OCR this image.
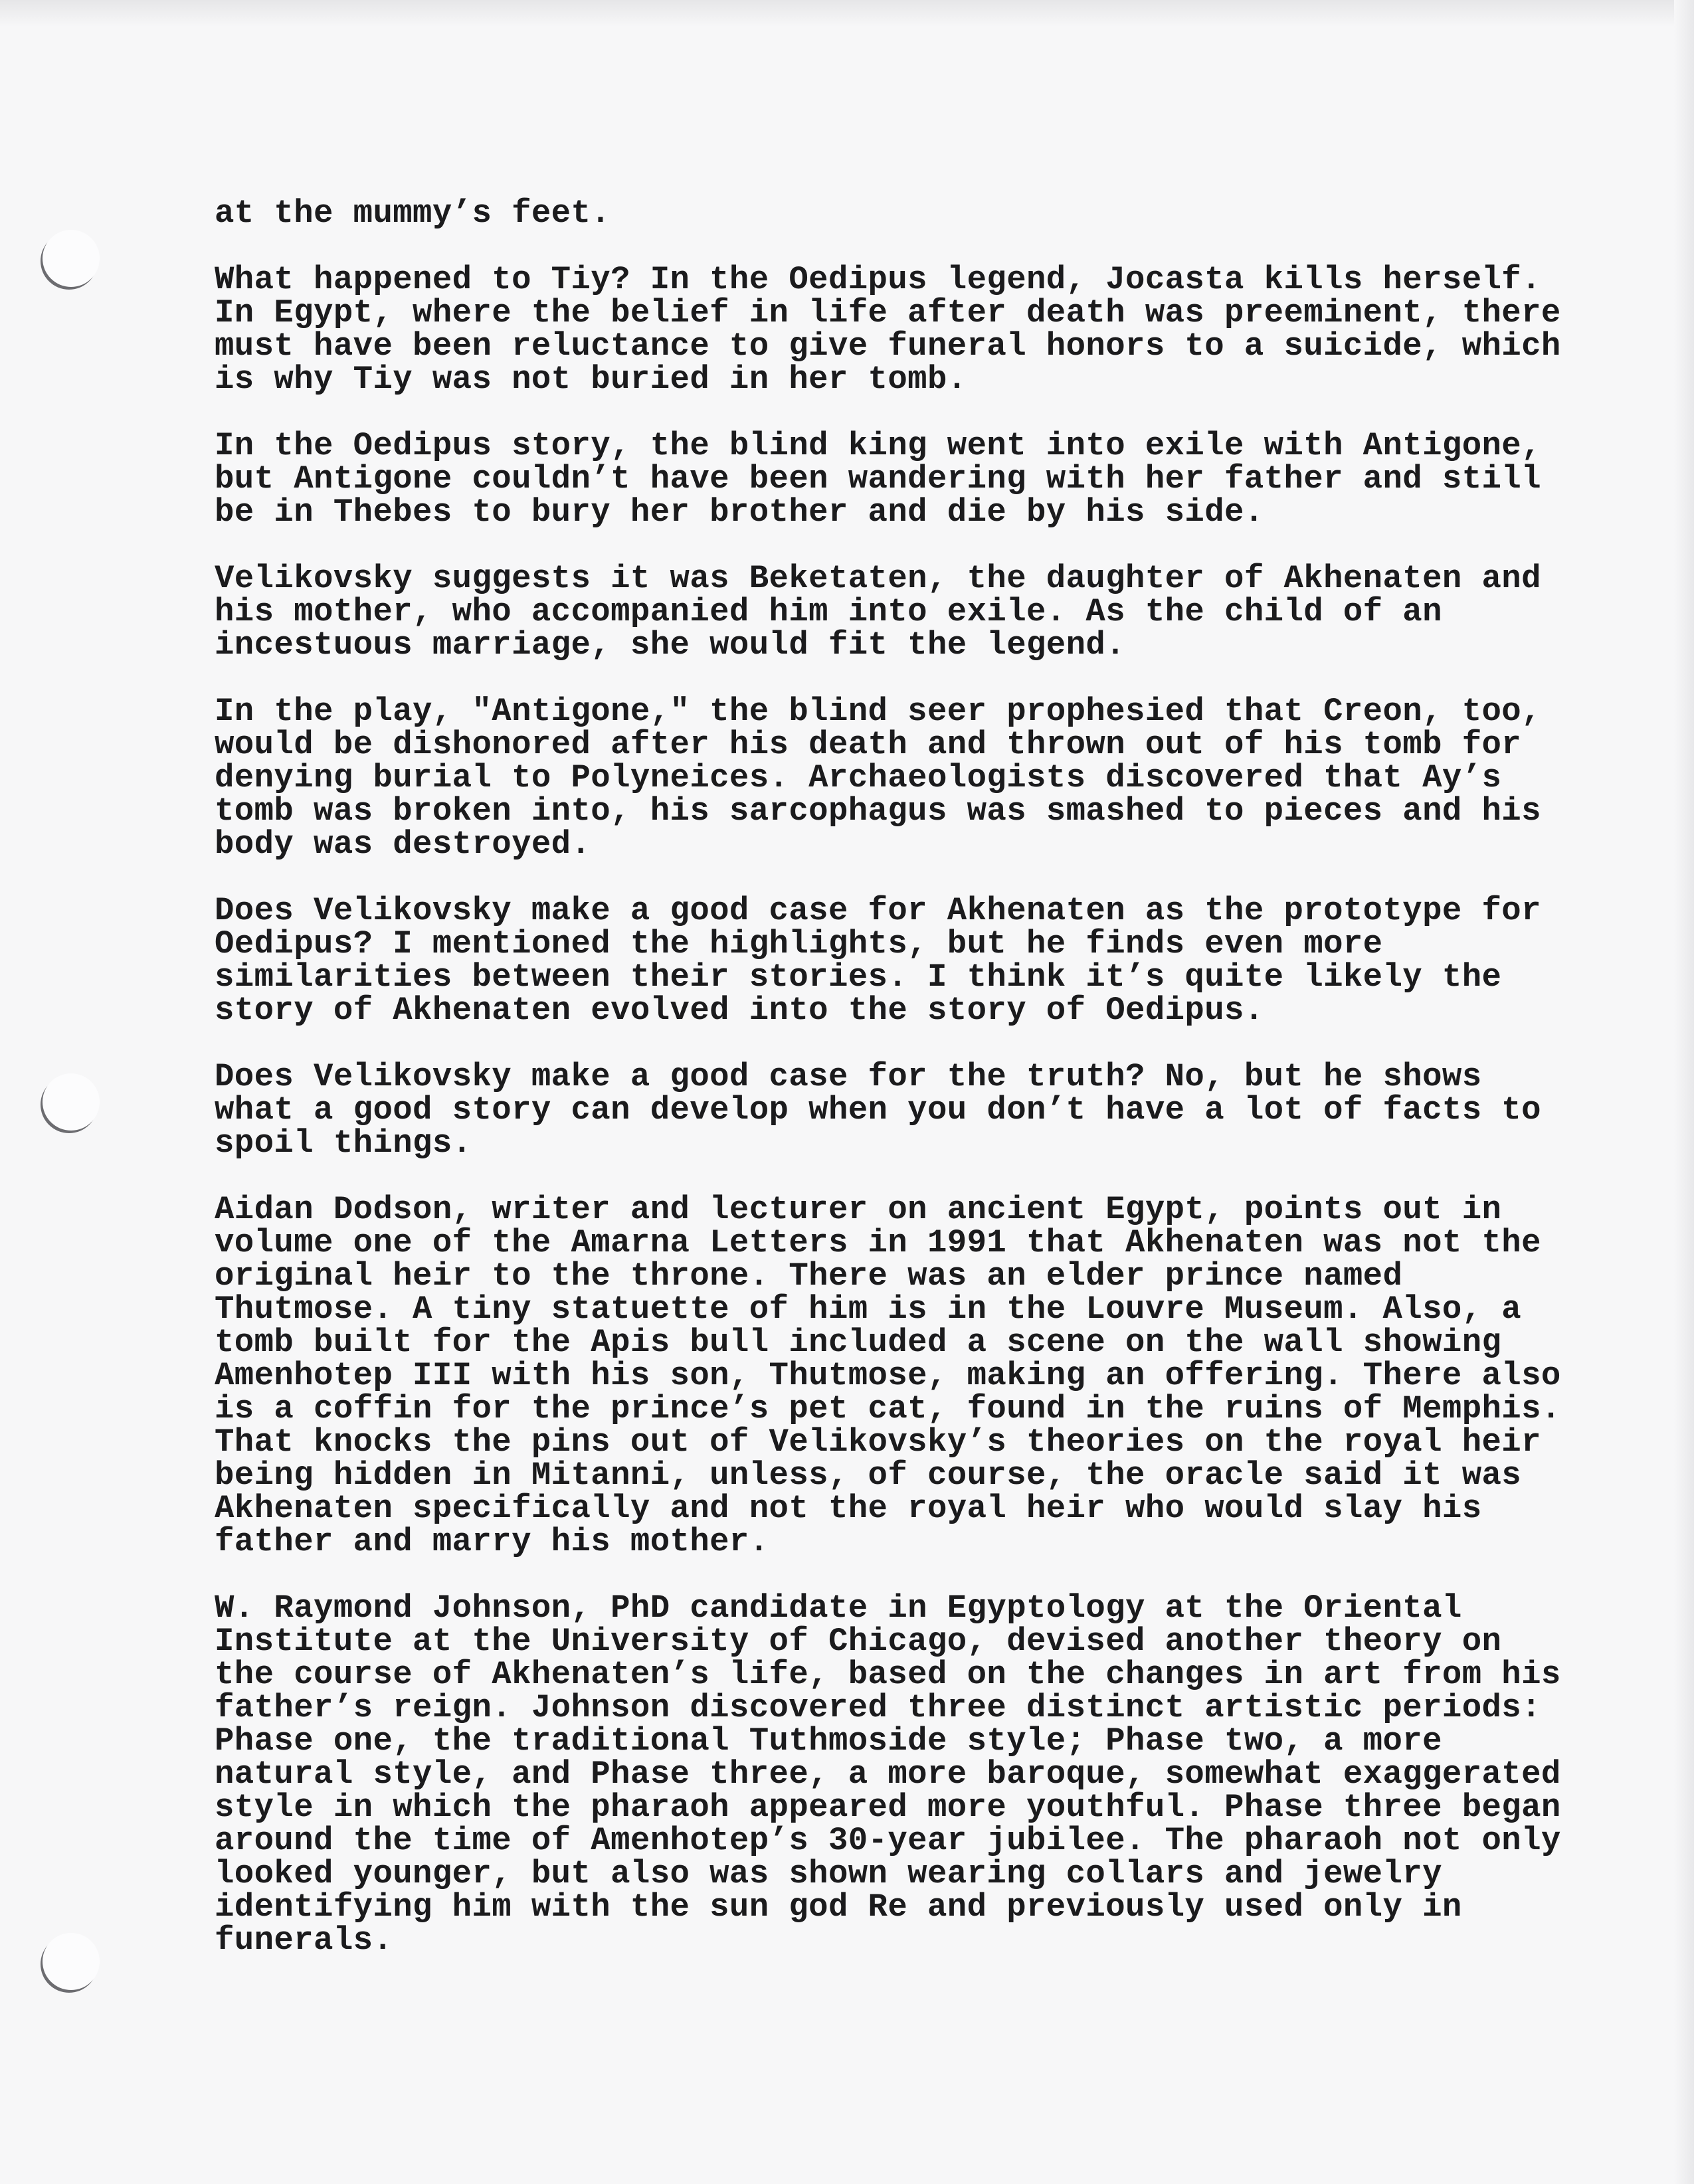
at the mummy’s feet.
What happened to Tiy? In the Oedipus legend, Jocasta kills herself.
In Egypt, where the belief in life after death was preeminent, there
must have been reluctance to give funeral honors to a suicide, which
is why Tiy was not buried in her tomb.
In the Oedipus story, the blind king went into exile with Antigone,
but Antigone couldn’t have been wandering with her father and still
be in Thebes to bury her brother and die by his side.
Velikovsky suggests it was Beketaten, the daughter of Akhenaten and
his mother, who accompanied him into exile. As the child of an
incestuous marriage, she would fit the legend.
In the play, "Antigone," the blind seer prophesied that Creon, too,
would be dishonored after his death and thrown out of his tomb for
denying burial to Polyneices. Archaeologists discovered that Ay’s
tomb was broken into, his sarcophagus was smashed to pieces and his
body was destroyed.
Does Velikovsky make a good case for Akhenaten as the prototype for
Oedipus? I mentioned the highlights, but he finds even more
similarities between their stories. I think it’s quite likely the
story of Akhenaten evolved into the story of Oedipus.
Does Velikovsky make a good case for the truth? No, but he shows
what a good story can develop when you don’t have a lot of facts to
spoil things.
Aidan Dodson, writer and lecturer on ancient Egypt, points out in
volume one of the Amarna Letters in 1991 that Akhenaten was not the
original heir to the throne. There was an elder prince named
Thutmose. A tiny statuette of him is in the Louvre Museum. Also, a
tomb built for the Apis bull included a scene on the wall showing
Amenhotep III with his son, Thutmose, making an offering. There also
is a coffin for the prince’s pet cat, found in the ruins of Memphis.
That knocks the pins out of Velikovsky’s theories on the royal heir
being hidden in Mitanni, unless, of course, the oracle said it was
Akhenaten specifically and not the royal heir who would slay his
father and marry his mother.
W. Raymond Johnson, PhD candidate in Egyptology at the Oriental
Institute at the University of Chicago, devised another theory on
the course of Akhenaten’s life, based on the changes in art from his
father’s reign. Johnson discovered three distinct artistic periods:
Phase one, the traditional Tuthmoside style; Phase two, a more
natural style, and Phase three, a more baroque, somewhat exaggerated
style in which the pharaoh appeared more youthful. Phase three began
around the time of Amenhotep’s 30-year jubilee. The pharaoh not only
looked younger, but also was shown wearing collars and jewelry
identifying him with the sun god Re and previously used only in
funerals.
